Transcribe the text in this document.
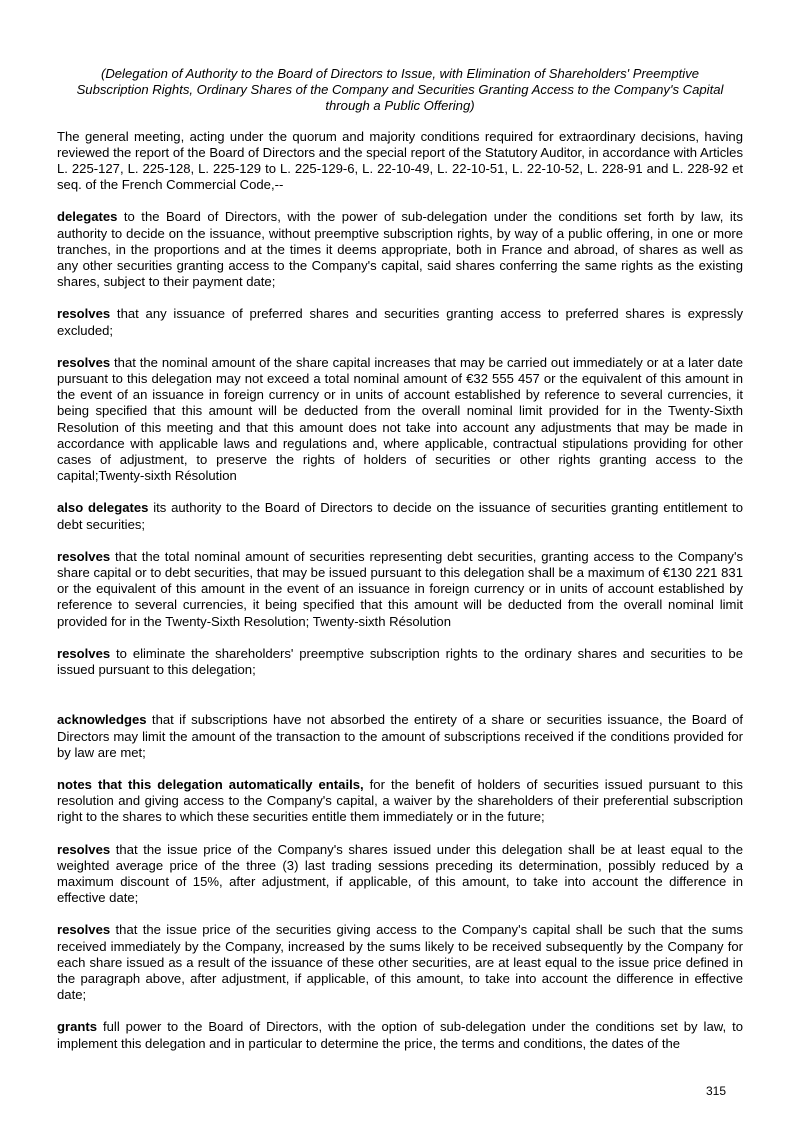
(Delegation of Authority to the Board of Directors to Issue, with Elimination of Shareholders' Preemptive Subscription Rights, Ordinary Shares of the Company and Securities Granting Access to the Company's Capital through a Public Offering)

The general meeting, acting under the quorum and majority conditions required for extraordinary decisions, having reviewed the report of the Board of Directors and the special report of the Statutory Auditor, in accordance with Articles L. 225-127, L. 225-128, L. 225-129 to L. 225-129-6, L. 22-10-49, L. 22-10-51, L. 22-10-52, L. 228-91 and L. 228-92 et seq. of the French Commercial Code,--

delegates to the Board of Directors, with the power of sub-delegation under the conditions set forth by law, its authority to decide on the issuance, without preemptive subscription rights, by way of a public offering, in one or more tranches, in the proportions and at the times it deems appropriate, both in France and abroad, of shares as well as any other securities granting access to the Company's capital, said shares conferring the same rights as the existing shares, subject to their payment date;

resolves that any issuance of preferred shares and securities granting access to preferred shares is expressly excluded;

resolves that the nominal amount of the share capital increases that may be carried out immediately or at a later date pursuant to this delegation may not exceed a total nominal amount of €32 555 457 or the equivalent of this amount in the event of an issuance in foreign currency or in units of account established by reference to several currencies, it being specified that this amount will be deducted from the overall nominal limit provided for in the Twenty-Sixth Resolution of this meeting and that this amount does not take into account any adjustments that may be made in accordance with applicable laws and regulations and, where applicable, contractual stipulations providing for other cases of adjustment, to preserve the rights of holders of securities or other rights granting access to the capital;Twenty-sixth Résolution

also delegates its authority to the Board of Directors to decide on the issuance of securities granting entitlement to debt securities;

resolves that the total nominal amount of securities representing debt securities, granting access to the Company's share capital or to debt securities, that may be issued pursuant to this delegation shall be a maximum of €130 221 831 or the equivalent of this amount in the event of an issuance in foreign currency or in units of account established by reference to several currencies, it being specified that this amount will be deducted from the overall nominal limit provided for in the Twenty-Sixth Resolution; Twenty-sixth Résolution

resolves to eliminate the shareholders' preemptive subscription rights to the ordinary shares and securities to be issued pursuant to this delegation;

acknowledges that if subscriptions have not absorbed the entirety of a share or securities issuance, the Board of Directors may limit the amount of the transaction to the amount of subscriptions received if the conditions provided for by law are met;

notes that this delegation automatically entails, for the benefit of holders of securities issued pursuant to this resolution and giving access to the Company's capital, a waiver by the shareholders of their preferential subscription right to the shares to which these securities entitle them immediately or in the future;

resolves that the issue price of the Company's shares issued under this delegation shall be at least equal to the weighted average price of the three (3) last trading sessions preceding its determination, possibly reduced by a maximum discount of 15%, after adjustment, if applicable, of this amount, to take into account the difference in effective date;

resolves that the issue price of the securities giving access to the Company's capital shall be such that the sums received immediately by the Company, increased by the sums likely to be received subsequently by the Company for each share issued as a result of the issuance of these other securities, are at least equal to the issue price defined in the paragraph above, after adjustment, if applicable, of this amount, to take into account the difference in effective date;

grants full power to the Board of Directors, with the option of sub-delegation under the conditions set by law, to implement this delegation and in particular to determine the price, the terms and conditions, the dates of the

315
